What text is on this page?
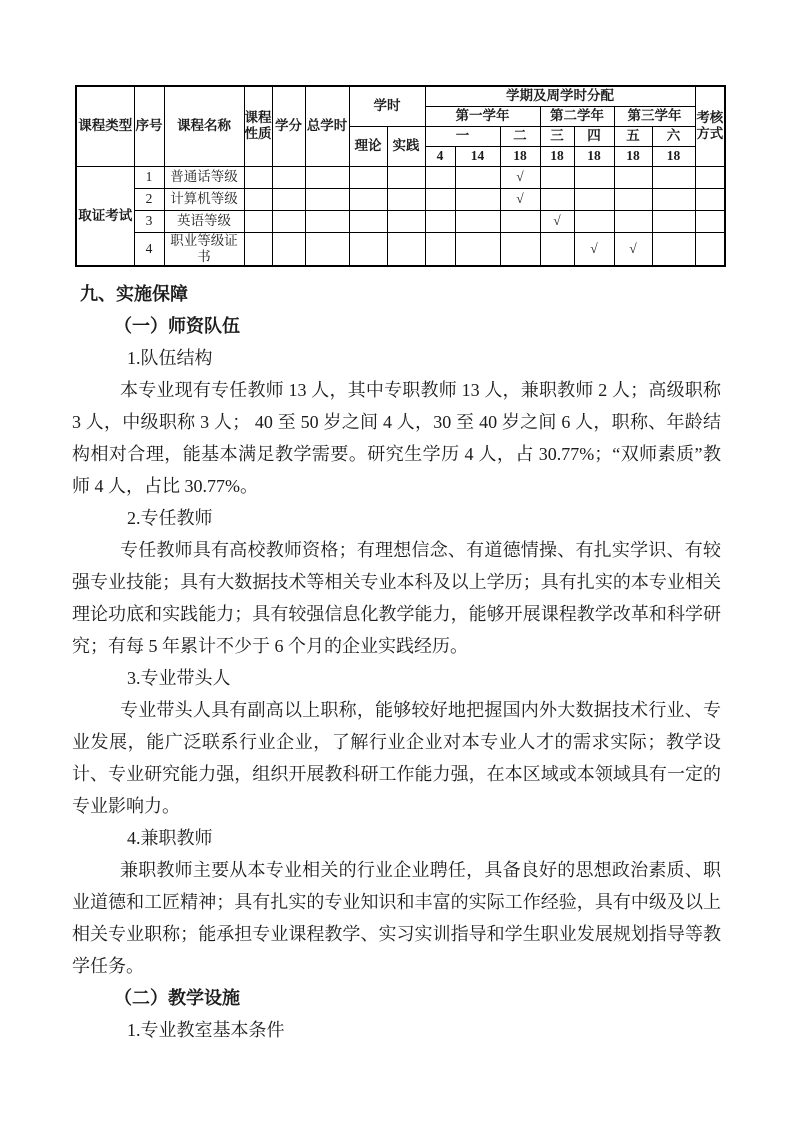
课程类型	序号	课程名称	课程性质	学分	总学时	学时		学期及周学时分配							考核方式
								第一学年			第二学年		第三学年		
						理论	实践	一		二	三	四	五	六	
								4	14	18	18	18	18	18	
取证考试	1	普通话等级								√					
	2	计算机等级								√					
	3	英语等级									√				
	4	职业等级证书										√	√		

九、实施保障

（一）师资队伍

1.队伍结构

本专业现有专任教师 13 人，其中专职教师 13 人，兼职教师 2 人；高级职称 3 人，中级职称 3 人； 40 至 50 岁之间 4 人，30 至 40 岁之间 6 人，职称、年龄结构相对合理，能基本满足教学需要。研究生学历 4 人，占 30.77%；“双师素质”教师 4 人，占比 30.77%。

2.专任教师

专任教师具有高校教师资格；有理想信念、有道德情操、有扎实学识、有较强专业技能；具有大数据技术等相关专业本科及以上学历；具有扎实的本专业相关理论功底和实践能力；具有较强信息化教学能力，能够开展课程教学改革和科学研究；有每 5 年累计不少于 6 个月的企业实践经历。

3.专业带头人

专业带头人具有副高以上职称，能够较好地把握国内外大数据技术行业、专业发展，能广泛联系行业企业，了解行业企业对本专业人才的需求实际；教学设计、专业研究能力强，组织开展教科研工作能力强，在本区域或本领域具有一定的专业影响力。

4.兼职教师

兼职教师主要从本专业相关的行业企业聘任，具备良好的思想政治素质、职业道德和工匠精神；具有扎实的专业知识和丰富的实际工作经验，具有中级及以上相关专业职称；能承担专业课程教学、实习实训指导和学生职业发展规划指导等教学任务。

（二）教学设施

1.专业教室基本条件
